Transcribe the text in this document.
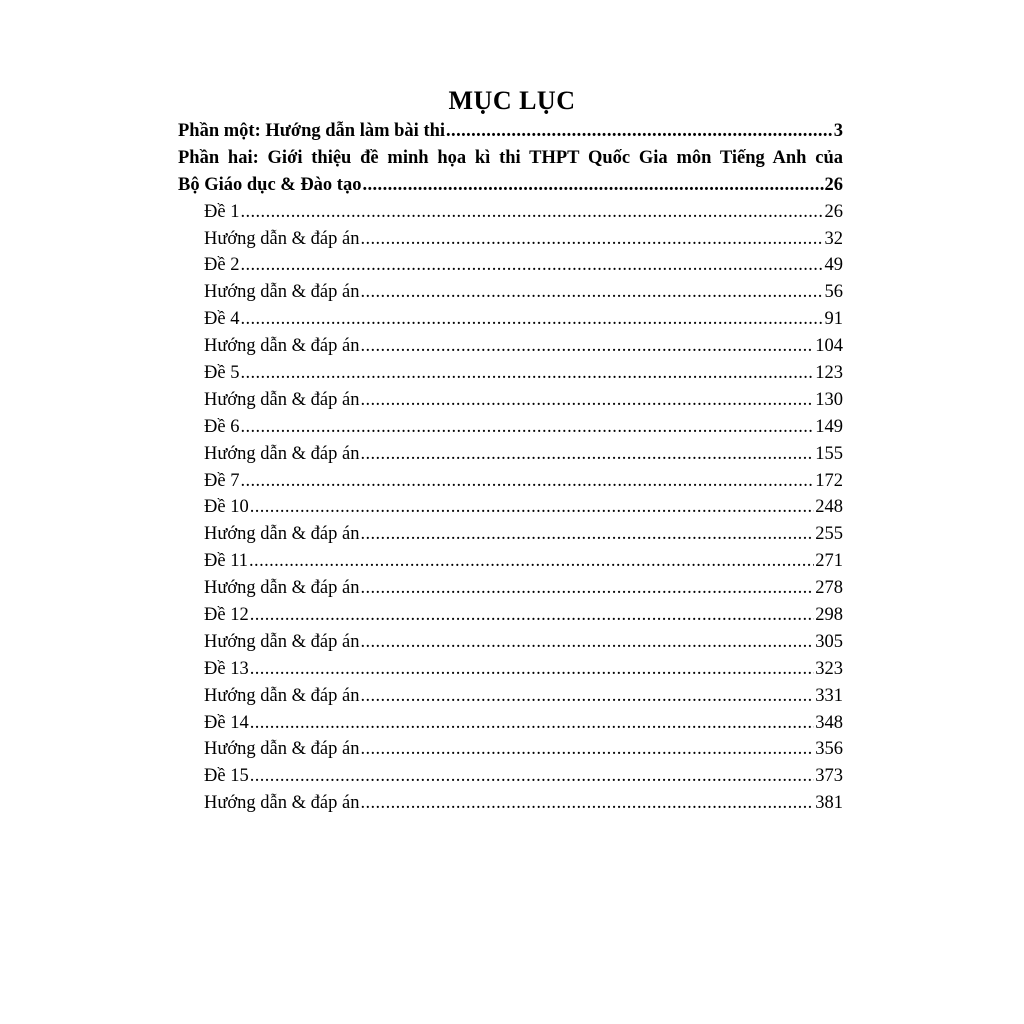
MỤC LỤC
Phần một: Hướng dẫn làm bài thi .....	3
Phần hai: Giới thiệu đề minh họa kì thi THPT Quốc Gia môn Tiếng Anh của
Bộ Giáo dục & Đào tạo .....	26
Đề 1 .....	26
Hướng dẫn & đáp án .....	32
Đề 2 .....	49
Hướng dẫn & đáp án .....	56
Đề 4 .....	91
Hướng dẫn & đáp án .....	104
Đề 5 .....	123
Hướng dẫn & đáp án .....	130
Đề 6 .....	149
Hướng dẫn & đáp án .....	155
Đề 7 .....	172
Đề 10 .....	248
Hướng dẫn & đáp án .....	255
Đề 11 .....	271
Hướng dẫn & đáp án .....	278
Đề 12 .....	298
Hướng dẫn & đáp án .....	305
Đề 13 .....	323
Hướng dẫn & đáp án .....	331
Đề 14 .....	348
Hướng dẫn & đáp án .....	356
Đề 15 .....	373
Hướng dẫn & đáp án .....	381
